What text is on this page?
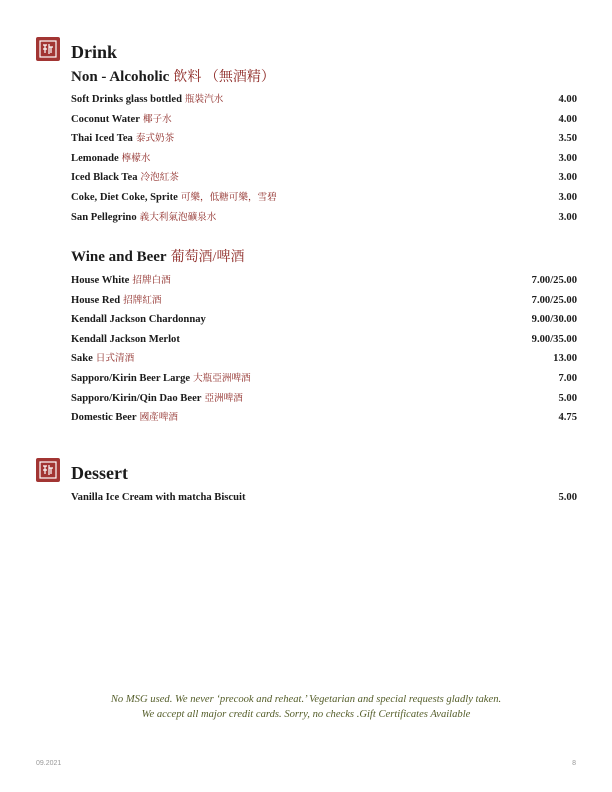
Drink
Non - Alcoholic 飲料 （無酒精）
Soft Drinks glass bottled 瓶裝汽水	4.00
Coconut Water 椰子水	4.00
Thai Iced Tea 泰式奶茶	3.50
Lemonade 檸檬水	3.00
Iced Black Tea 冷泡紅茶	3.00
Coke, Diet Coke, Sprite 可樂，低糖可樂，雪碧	3.00
San Pellegrino 義大利氣泡礦泉水	3.00
Wine and Beer 葡萄酒/啤酒
House White 招牌白酒	7.00/25.00
House Red 招牌紅酒	7.00/25.00
Kendall Jackson Chardonnay	9.00/30.00
Kendall Jackson Merlot	9.00/35.00
Sake 日式清酒	13.00
Sapporo/Kirin Beer Large 大瓶亞洲啤酒	7.00
Sapporo/Kirin/Qin Dao Beer 亞洲啤酒	5.00
Domestic Beer 國產啤酒	4.75
Dessert
Vanilla Ice Cream with matcha Biscuit	5.00
No MSG used. We never ‘precook and reheat.’ Vegetarian and special requests gladly taken.
We accept all major credit cards. Sorry, no checks .Gift Certificates Available
09.2021	8
